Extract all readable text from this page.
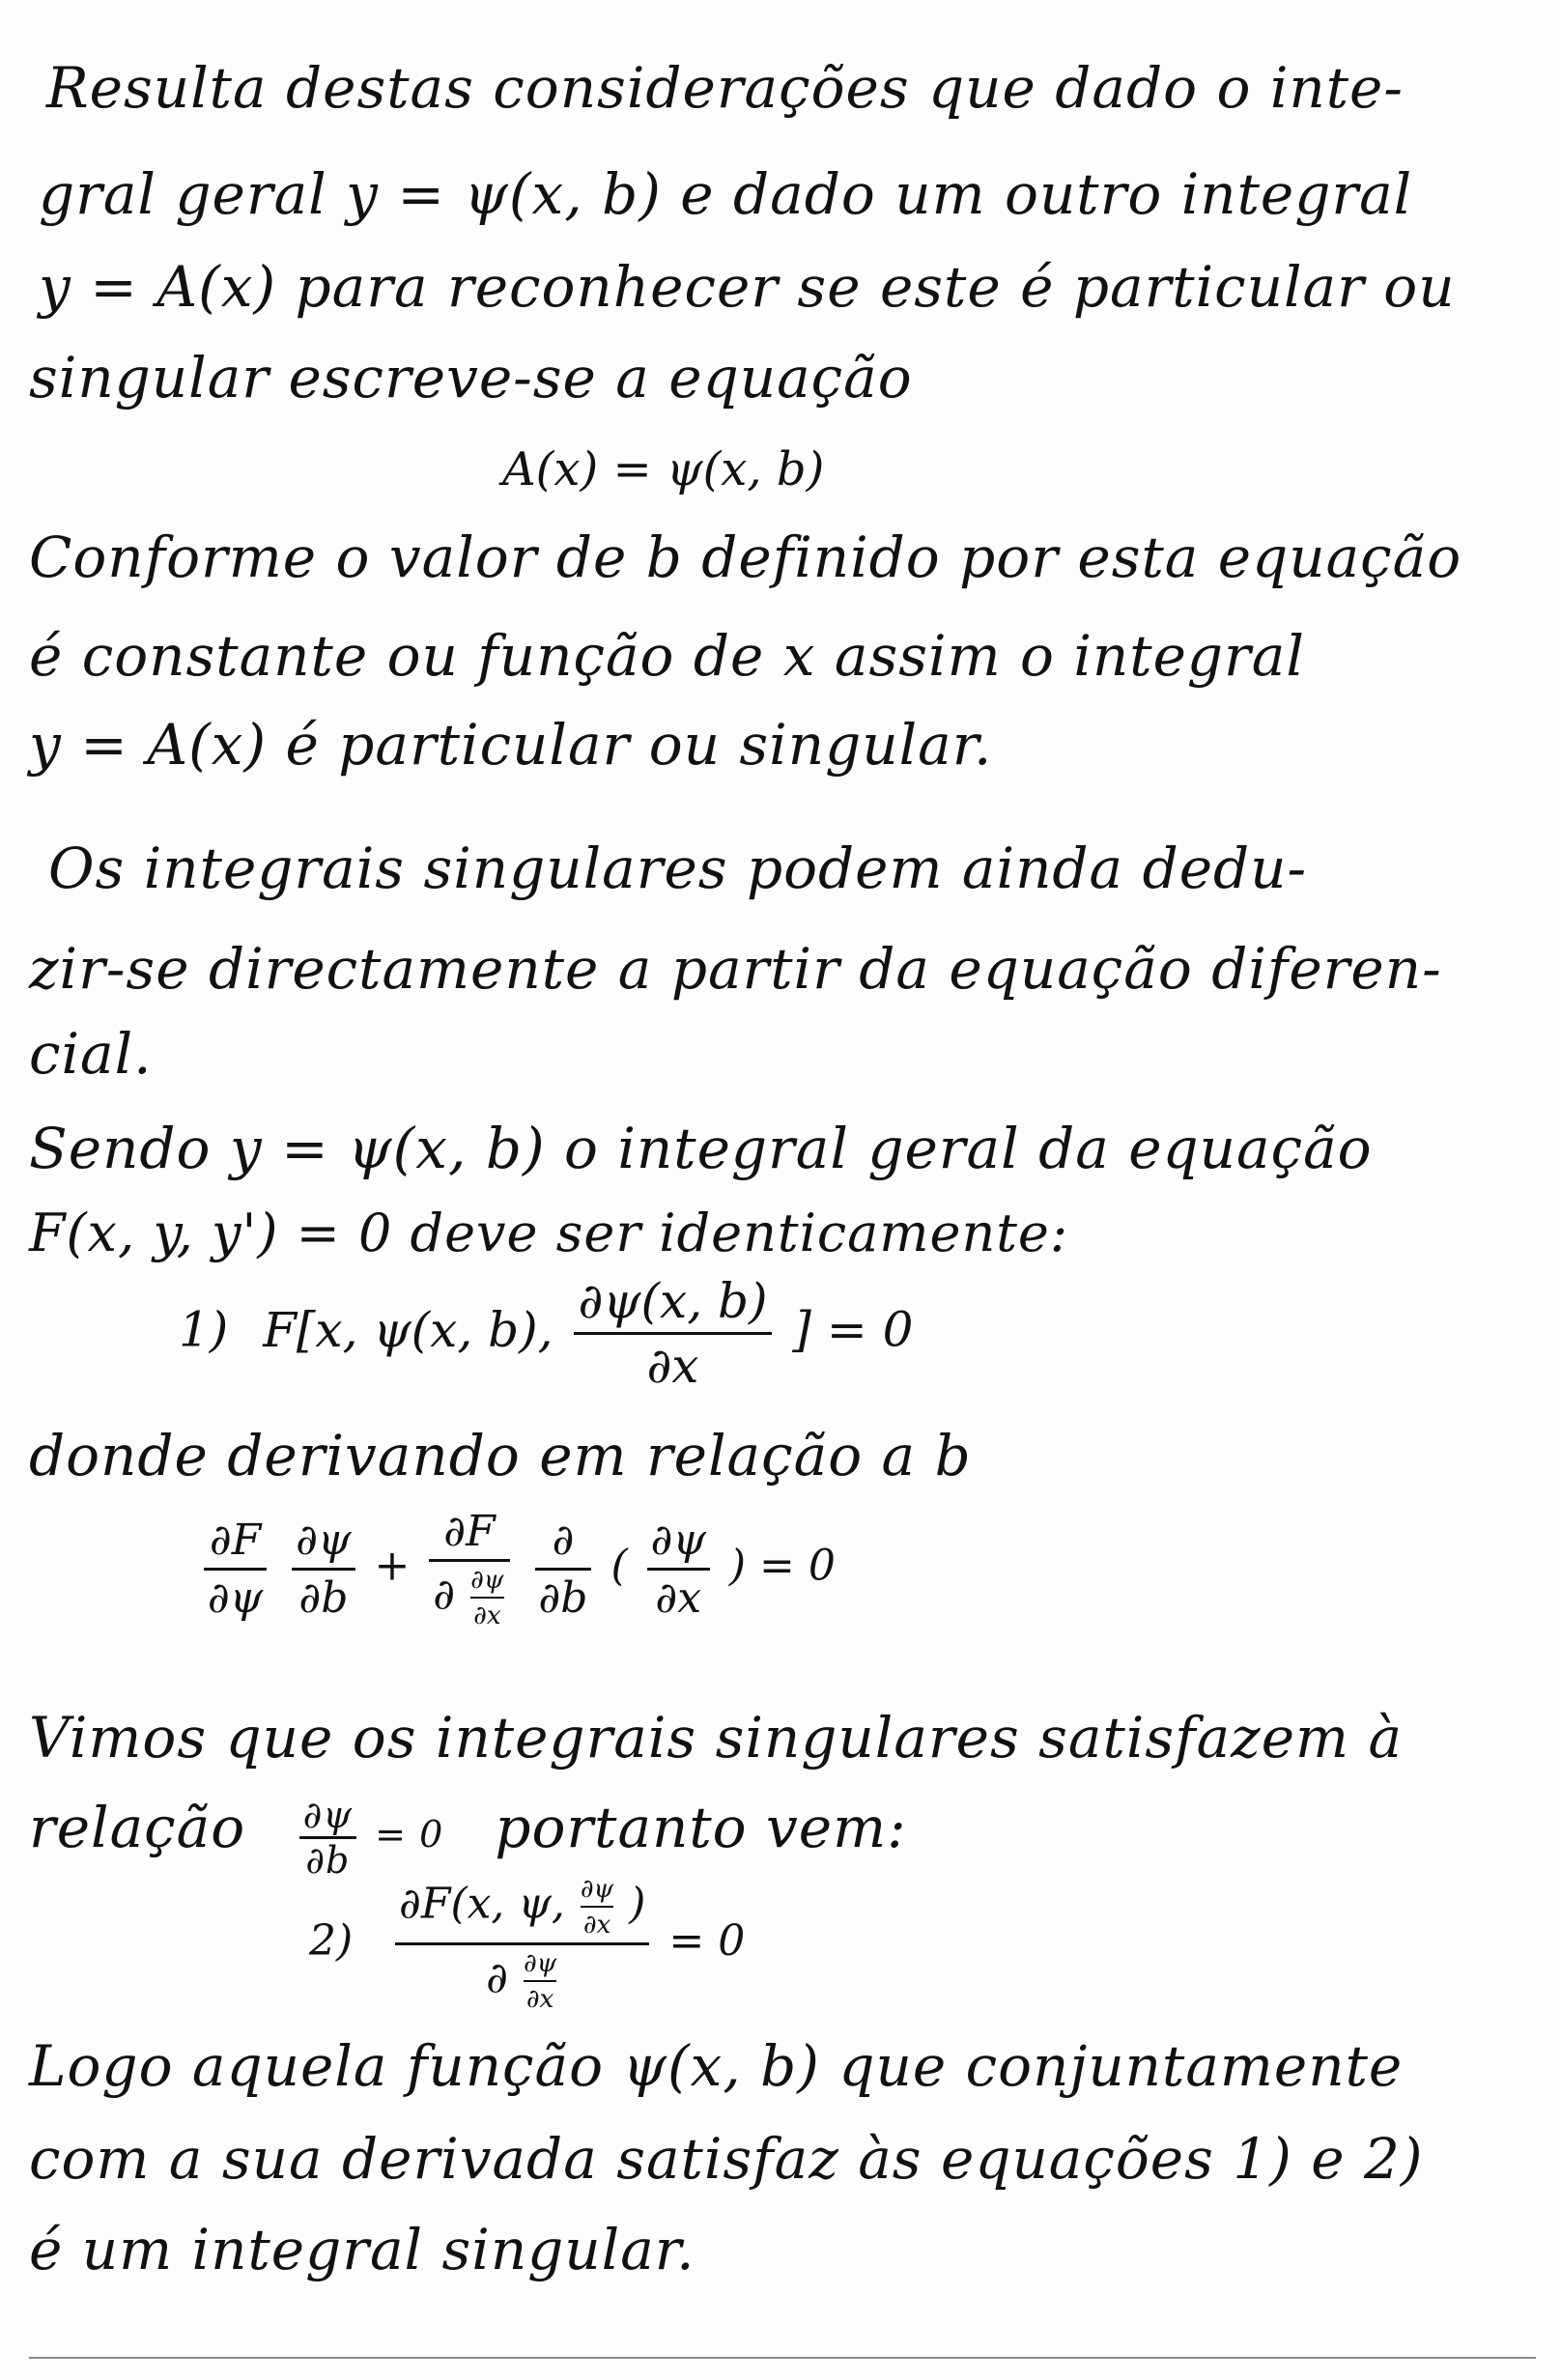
Resulta destas considerações que dado o inte-
gral geral y = ψ(x, b) e dado um outro integral
y = A(x) para reconhecer se este é particular ou
singular escreve-se a equação
A(x) = ψ(x, b)
Conforme o valor de b definido por esta equação
é constante ou função de x assim o integral
y = A(x) é particular ou singular.
Os integrais singulares podem ainda dedu-
zir-se directamente a partir da equação diferen-
cial.
Sendo y = ψ(x, b) o integral geral da equação
F(x, y, y') = 0 deve ser identicamente:
1) F[x, ψ(x, b), $\frac{\partial\psi(x, b)}{\partial x}$ ] = 0
donde derivando em relação a b
$\frac{\partial F}{\partial\psi}$
$\frac{\partial\psi}{\partial b} + \frac{\partial F}{\partial \frac{\partial\psi}{\partial x}}$
$\frac{\partial}{\partial b}$ ( $\frac{\partial\psi}{\partial x}$ ) = 0
Vimos que os integrais singulares satisfazem à
relação $\frac{\partial\psi}{\partial b} = 0$ portanto vem:
2)
∂F(x, ψ, $\frac{\partial\psi}{\partial x}$ )
∂ $\frac{\partial\psi}{\partial x}$
= 0
Logo aquela função ψ(x, b) que conjuntamente
com a sua derivada satisfaz às equações 1) e 2)
é um integral singular.
